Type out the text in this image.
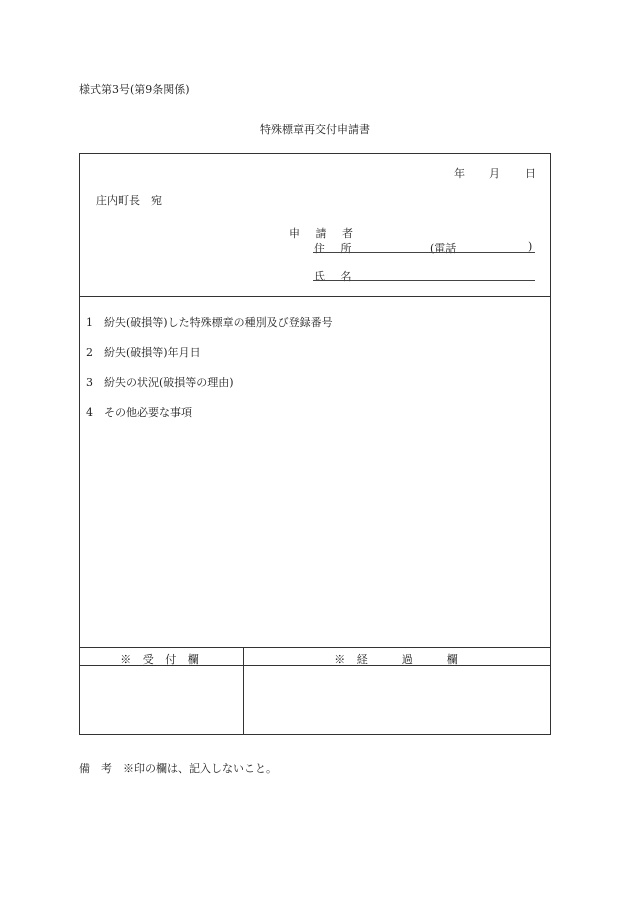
様式第3号(第9条関係)
特殊標章再交付申請書
年 月 日
庄内町長　宛
申 請 者
住 所	(電話	)
氏 名
1　紛失(破損等)した特殊標章の種別及び登録番号
2　紛失(破損等)年月日
3　紛失の状況(破損等の理由)
4　その他必要な事項
※ 受 付 欄	※ 経　　過　　欄
備　考　※印の欄は、記入しないこと。
